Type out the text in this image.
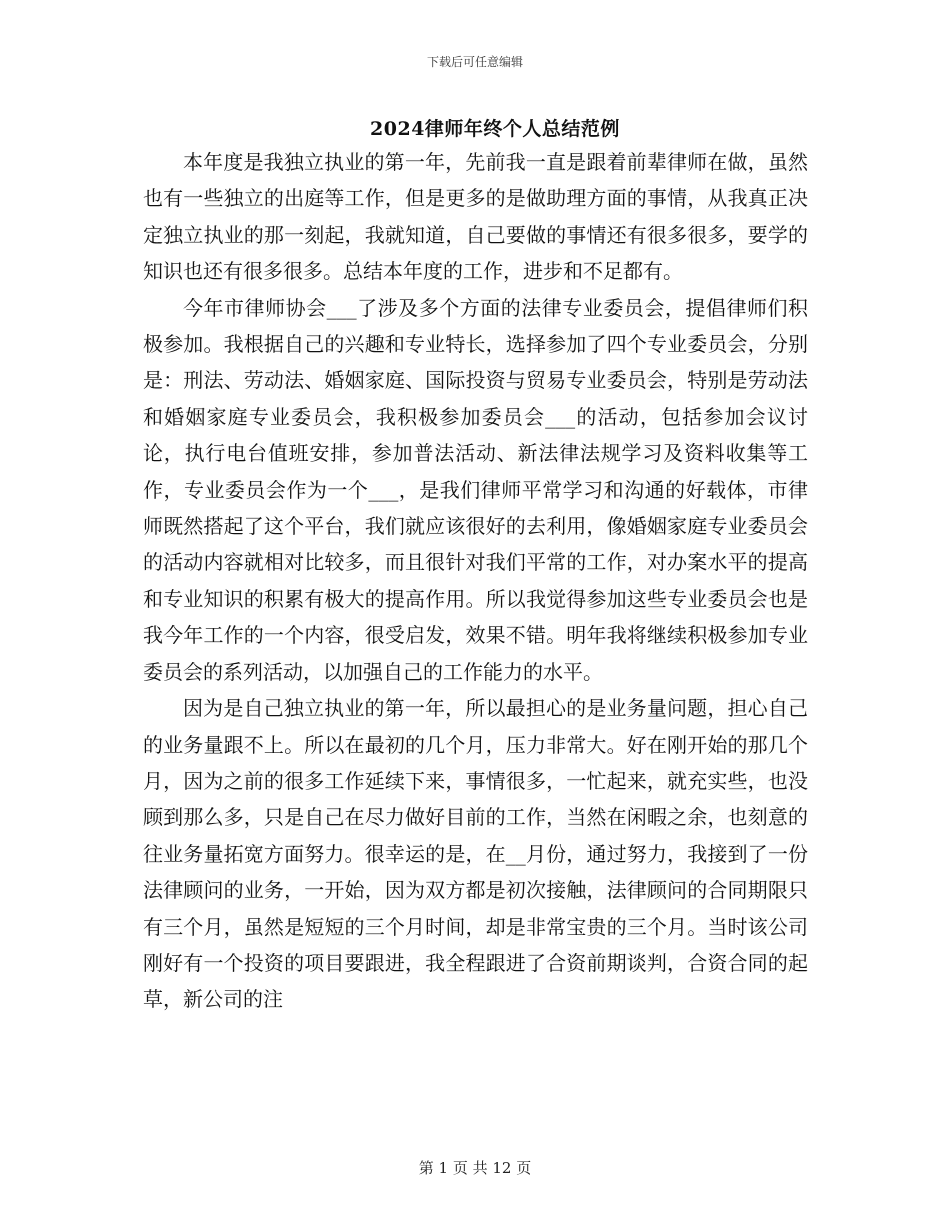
下载后可任意编辑
2024律师年终个人总结范例

本年度是我独立执业的第一年，先前我一直是跟着前辈律师在做，虽然也有一些独立的出庭等工作，但是更多的是做助理方面的事情，从我真正决定独立执业的那一刻起，我就知道，自己要做的事情还有很多很多，要学的知识也还有很多很多。总结本年度的工作，进步和不足都有。

今年市律师协会___了涉及多个方面的法律专业委员会，提倡律师们积极参加。我根据自己的兴趣和专业特长，选择参加了四个专业委员会，分别是：刑法、劳动法、婚姻家庭、国际投资与贸易专业委员会，特别是劳动法和婚姻家庭专业委员会，我积极参加委员会___的活动，包括参加会议讨论，执行电台值班安排，参加普法活动、新法律法规学习及资料收集等工作，专业委员会作为一个___，是我们律师平常学习和沟通的好载体，市律师既然搭起了这个平台，我们就应该很好的去利用，像婚姻家庭专业委员会的活动内容就相对比较多，而且很针对我们平常的工作，对办案水平的提高和专业知识的积累有极大的提高作用。所以我觉得参加这些专业委员会也是我今年工作的一个内容，很受启发，效果不错。明年我将继续积极参加专业委员会的系列活动，以加强自己的工作能力的水平。

因为是自己独立执业的第一年，所以最担心的是业务量问题，担心自己的业务量跟不上。所以在最初的几个月，压力非常大。好在刚开始的那几个月，因为之前的很多工作延续下来，事情很多，一忙起来，就充实些，也没顾到那么多，只是自己在尽力做好目前的工作，当然在闲暇之余，也刻意的往业务量拓宽方面努力。很幸运的是，在__月份，通过努力，我接到了一份法律顾问的业务，一开始，因为双方都是初次接触，法律顾问的合同期限只有三个月，虽然是短短的三个月时间，却是非常宝贵的三个月。当时该公司刚好有一个投资的项目要跟进，我全程跟进了合资前期谈判，合资合同的起草，新公司的注

第 1 页 共 12 页
